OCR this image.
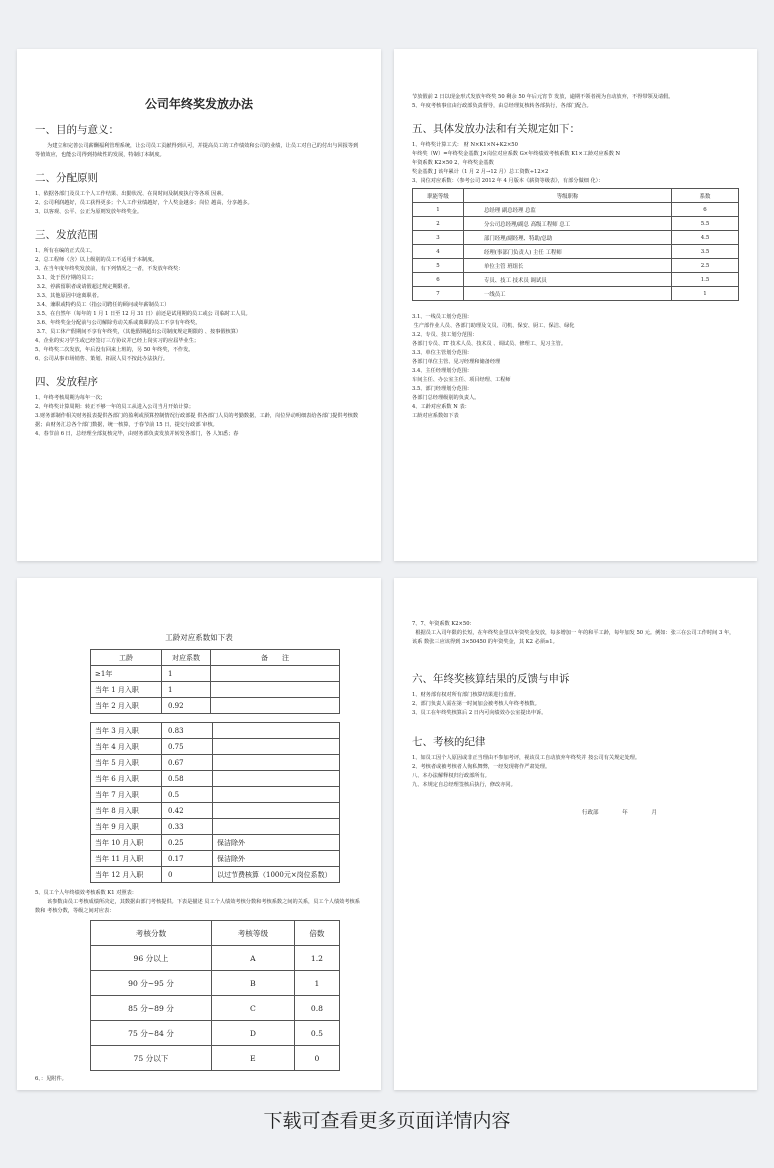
公司年终奖发放办法
一、目的与意义：

为建立和完善公司薪酬福利管理系统，让公司员工贡献得到认可，并提高员工的工作绩效和公司的业绩，让员工对自己的付出与回报等到等值效应，也能公司得到持续性的发展，特制订本制度。

二、分配原则

1、依据各部门及员工个人工作结果、出勤状况、在岗时间及制度执行等各项 因素。

2、公司利润越好，员工获得更多；个人工作业绩越好，个人奖金越多；岗位 越高，分享越多。

3、以客观、公平、公正为原则发放年终奖金。

三、发放范围

1、所有在编的正式员工。

2、总工程师（含）以上级别的员工不适用于本制度。

3、在当年度年终奖发放前，有下列情况之一者，不发放年终奖：

3.1、处于医疗期的员工；

3.2、停薪留职者或请假超过规定期限者。

3.3、其他原因中途离职者。

3.4、兼职或特约员工（指公司聘任的顾问或年薪制员工）

3.5、在自然年（每年的 1 月 1 日至 12 月 31 日）前还是试用期的员工或公 司临时工人员。

3.6、年终奖金分配前与公司解除劳动关系或离职的员工不享有年终奖。

3.7、员工休产假期间不享有年终奖，（其他假期超出公司制度规定期限的 、按事假核算）

4、企业的实习学生或已经签订三方协议并已经上岗实习的应届毕业生；

5、年终奖二次发放，年后没有回来上班的，另 50 年终奖，不作发。

6、公司从事市场销售、策划、拓展人员不按此办法执行。

四、发放程序

1、年终考核周期为每年一次；

2、年终奖计算周期：转正不够一年的员工从进入公司当月开始计算；

3.财务部制作相关财务报表提供各部门的盈利或预算控制情况行政部提 供各部门人员的考勤数据，工龄，岗位异动明细表给各部门提供考核数 据；由财务汇总各个部门数据，统一核算，于春节前 15 日，提交行政部 审核。

4、春节前 6 日，总经理全部复核完毕，由财务部负责发放并转发各部门，各 人知悉；春

节放假前 2 日以现金形式发放年终奖 50 剩余 50 年后元宵节 发放，逾期不领者视为自动放弃，不得带领及请假。

5、年度考核事宜由行政部负责督导，由总经理复核转各部执行，各部门配合。

五、具体发放办法和有关规定如下：

1、年终奖计算工式： 财 N×K1×N+K2×50

年终奖（W）=年终奖金基数 J×岗位对应系数 G×年终绩效考核系数 K1×工龄对应系数 N

年资系数 K2×50 2、年终奖金基数

奖金基数 J 该年累计（1 月 2 月→12 月）总工资数÷12×2

3、岗位对应系数：（参考公司 2012 年 4 月版本《薪资等级表》，有部分做细 化）：

职能等级	等级职称	系数
1	总经理 副总经理 总监	6
2	分公司总经理/副总 高级工程师 总工	5.5
3	部门经理/副经理、特助/总助	4.5
4	经理(事部门负责人) 主任 工程师	3.5
5	单位主管 班组长	2.5
6	专员、技工 技术员 调试员	1.5
7	一线员工	1

3.1、一线员工划分范围：

生产部作业人员、各部门助理及文员、司机、保安、厨工、保洁、绿化

3.2、专员、技工划分范围：

各部门专员、IT 技术人员、技术员 、调试员、修理工、见习主管。

3.3、单位主管划分范围：

各部门单位主管、见习经理和储备经理

3.4、主任经理划分范围：

车间主任、办公室主任、项目经理、工程师

3.5、部门经理划分范围：

各部门总经理级别的负责人。

4、工龄对应系数 N 表：

工龄对应系数如下表

工龄对应系数如下表
工龄	对应系数	备　　注
≥1年	1	
当年 1 月入职	1	
当年 2 月入职	0.92	
当年 3 月入职	0.83	
当年 4 月入职	0.75	
当年 5 月入职	0.67	
当年 6 月入职	0.58	
当年 7 月入职	0.5	
当年 8 月入职	0.42	
当年 9 月入职	0.33	
当年 10 月入职	0.25	保洁除外
当年 11 月入职	0.17	保洁除外
当年 12 月入职	0	以过节费核算（1000元×岗位系数）

5、员工个人年终绩效考核系数 K1 对照表：

该参数由员工考核成绩所决定，其数据由部门考核提供。下表是描述 员工个人绩效考核分数和考核系数之间的关系，员工个人绩效考核系数和 考核分数，等级之间对应表：

考核分数	考核等级	倍数
96 分以上	A	1.2
90 分~95 分	B	1
85 分~89 分	C	0.8
75 分~84 分	D	0.5
75 分以下	E	0

6、：见附件。

7、7、年资系数 K2×50：

根据员工入司年限的长短，在年终奖金里以年资奖金发放，每多增加一 年的和平工龄，每年加发 50 元。例如：张三在公司工作时间 3 年，该系 数张三应该得到 3×50450 的年资奖金，其 K2 必须≥1。

六、年终奖核算结果的反馈与申诉

1、财务部有权对所有部门核算结果进行监督。

2、部门负责人需在第一时间加会被考核人年终考核数。

3、员工在年终奖核算后 2 日内可向绩效办公室提出申诉。

七、考核的纪律

1、如员工因个人原因或非正当理由不参加考评，视该员工自动放弃年终奖并 按公司有关规定处理。

2、考核者或被考核者人徇私舞弊，一经发现将作严肃处理。

八、本办法解释权归行政部所有。

九、本规定自总经理签核后执行，修改亦同。

行政部	年	月
下载可查看更多页面详情内容
